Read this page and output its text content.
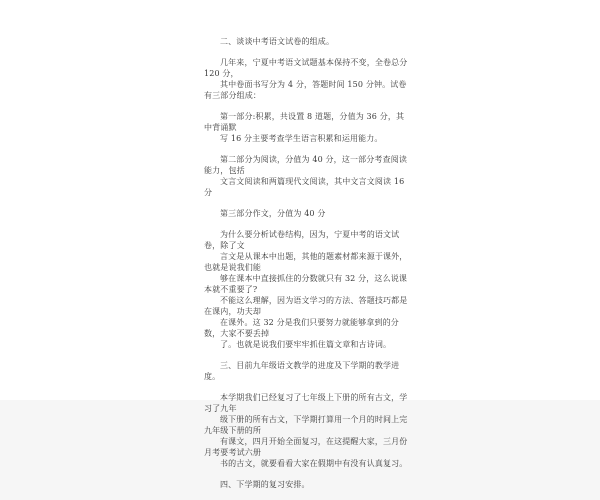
二、谈谈中考语文试卷的组成。

几年来，宁夏中考语文试题基本保持不变，全卷总分 120 分，
其中卷面书写分为 4 分，答题时间 150 分钟。试卷有三部分组成：

第一部分:积累，共设置 8 道题，分值为 36 分，其中背诵默
写 16 分主要考查学生语言积累和运用能力。

第二部分为阅读，分值为 40 分，这一部分考查阅读能力，包括
文言文阅读和两篇现代文阅读，其中文言文阅读 16 分

第三部分作文，分值为 40 分

为什么要分析试卷结构，因为，宁夏中考的语文试卷，除了文
言文是从课本中出题，其他的题素材都来源于课外，也就是说我们能
够在课本中直接抓住的分数就只有 32 分，这么说课本就不重要了?
不能这么理解，因为语文学习的方法、答题技巧都是在课内，功夫却
在课外。这 32 分是我们只要努力就能够拿到的分数，大家不要丢掉
了。也就是说我们要牢牢抓住篇文章和古诗词。

三、目前九年级语文教学的进度及下学期的教学进度。

本学期我们已经复习了七年级上下册的所有古文，学习了九年
级下册的所有古文，下学期打算用一个月的时间上完九年级下册的所
有课文，四月开始全面复习，在这提醒大家，三月份月考要考试六册
书的古文，就要看看大家在假期中有没有认真复习。

四、下学期的复习安排。
